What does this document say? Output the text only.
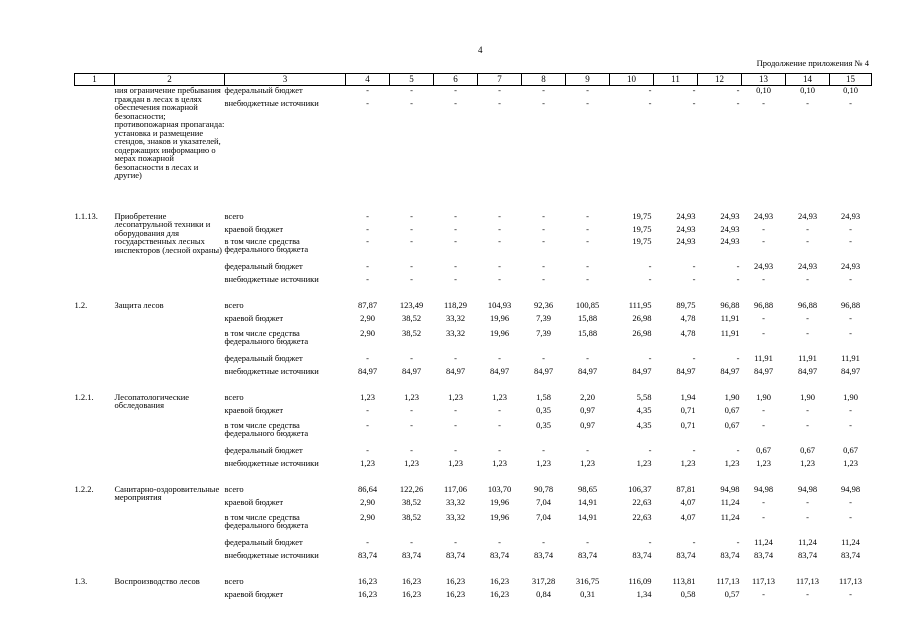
4
Продолжение приложения № 4
1	2	3	4	5	6	7	8	9	10	11	12	13	14	15
	ния ограничение пребывания граждан в лесах в целях обеспечения пожарной безопасности; противопожарная пропаганда: установка и размещение стендов, знаков и указателей, содержащих информацию о мерах пожарной безопасности в лесах и другие)	федеральный бюджет	-	-	-	-	-	-	-	-	-	0,10	0,10	0,10
		внебюджетные источники	-	-	-	-	-	-	-	-	-	-	-	-

1.1.13.	Приобретение лесопатрульной техники и оборудования для государственных лесных инспекторов (лесной охраны)	всего	-	-	-	-	-	-	19,75	24,93	24,93	24,93	24,93	24,93
		краевой бюджет	-	-	-	-	-	-	19,75	24,93	24,93	-	-	-
		в том числе средства федерального бюджета	-	-	-	-	-	-	19,75	24,93	24,93	-	-	-
		федеральный бюджет	-	-	-	-	-	-	-	-	-	24,93	24,93	24,93
		внебюджетные источники	-	-	-	-	-	-	-	-	-	-	-	-

1.2.	Защита лесов	всего	87,87	123,49	118,29	104,93	92,36	100,85	111,95	89,75	96,88	96,88	96,88	96,88
		краевой бюджет	2,90	38,52	33,32	19,96	7,39	15,88	26,98	4,78	11,91	-	-	-
		в том числе средства федерального бюджета	2,90	38,52	33,32	19,96	7,39	15,88	26,98	4,78	11,91	-	-	-
		федеральный бюджет	-	-	-	-	-	-	-	-	-	11,91	11,91	11,91
		внебюджетные источники	84,97	84,97	84,97	84,97	84,97	84,97	84,97	84,97	84,97	84,97	84,97	84,97

1.2.1.	Лесопатологические обследования	всего	1,23	1,23	1,23	1,23	1,58	2,20	5,58	1,94	1,90	1,90	1,90	1,90
		краевой бюджет	-	-	-	-	0,35	0,97	4,35	0,71	0,67	-	-	-
		в том числе средства федерального бюджета	-	-	-	-	0,35	0,97	4,35	0,71	0,67	-	-	-
		федеральный бюджет	-	-	-	-	-	-	-	-	-	0,67	0,67	0,67
		внебюджетные источники	1,23	1,23	1,23	1,23	1,23	1,23	1,23	1,23	1,23	1,23	1,23	1,23

1.2.2.	Санитарно-оздоровительные мероприятия	всего	86,64	122,26	117,06	103,70	90,78	98,65	106,37	87,81	94,98	94,98	94,98	94,98
		краевой бюджет	2,90	38,52	33,32	19,96	7,04	14,91	22,63	4,07	11,24	-	-	-
		в том числе средства федерального бюджета	2,90	38,52	33,32	19,96	7,04	14,91	22,63	4,07	11,24	-	-	-
		федеральный бюджет	-	-	-	-	-	-	-	-	-	11,24	11,24	11,24
		внебюджетные источники	83,74	83,74	83,74	83,74	83,74	83,74	83,74	83,74	83,74	83,74	83,74	83,74

1.3.	Воспроизводство лесов	всего	16,23	16,23	16,23	16,23	317,28	316,75	116,09	113,81	117,13	117,13	117,13	117,13
		краевой бюджет	16,23	16,23	16,23	16,23	0,84	0,31	1,34	0,58	0,57	-	-	-
